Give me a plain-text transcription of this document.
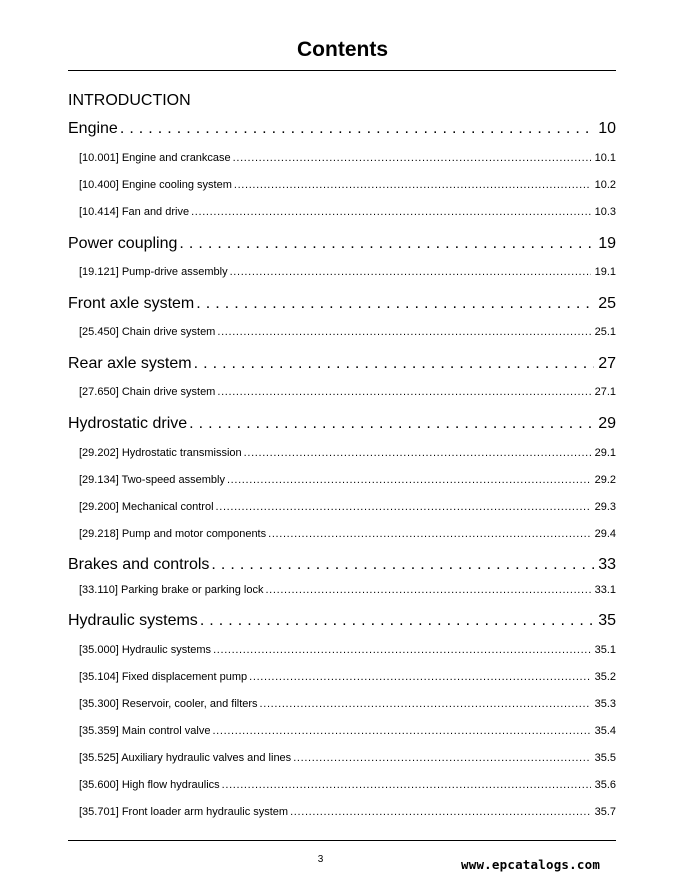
Contents
INTRODUCTION
Engine . . .	10
[10.001] Engine and crankcase . . .	10.1
[10.400] Engine cooling system . . .	10.2
[10.414] Fan and drive . . .	10.3
Power coupling . . .	19
[19.121] Pump-drive assembly . . .	19.1
Front axle system . . .	25
[25.450] Chain drive system . . .	25.1
Rear axle system . . .	27
[27.650] Chain drive system . . .	27.1
Hydrostatic drive . . .	29
[29.202] Hydrostatic transmission . . .	29.1
[29.134] Two-speed assembly . . .	29.2
[29.200] Mechanical control . . .	29.3
[29.218] Pump and motor components . . .	29.4
Brakes and controls . . .	33
[33.110] Parking brake or parking lock . . .	33.1
Hydraulic systems . . .	35
[35.000] Hydraulic systems . . .	35.1
[35.104] Fixed displacement pump . . .	35.2
[35.300] Reservoir, cooler, and filters . . .	35.3
[35.359] Main control valve . . .	35.4
[35.525] Auxiliary hydraulic valves and lines . . .	35.5
[35.600] High flow hydraulics . . .	35.6
[35.701] Front loader arm hydraulic system . . .	35.7
3	www.epcatalogs.com
